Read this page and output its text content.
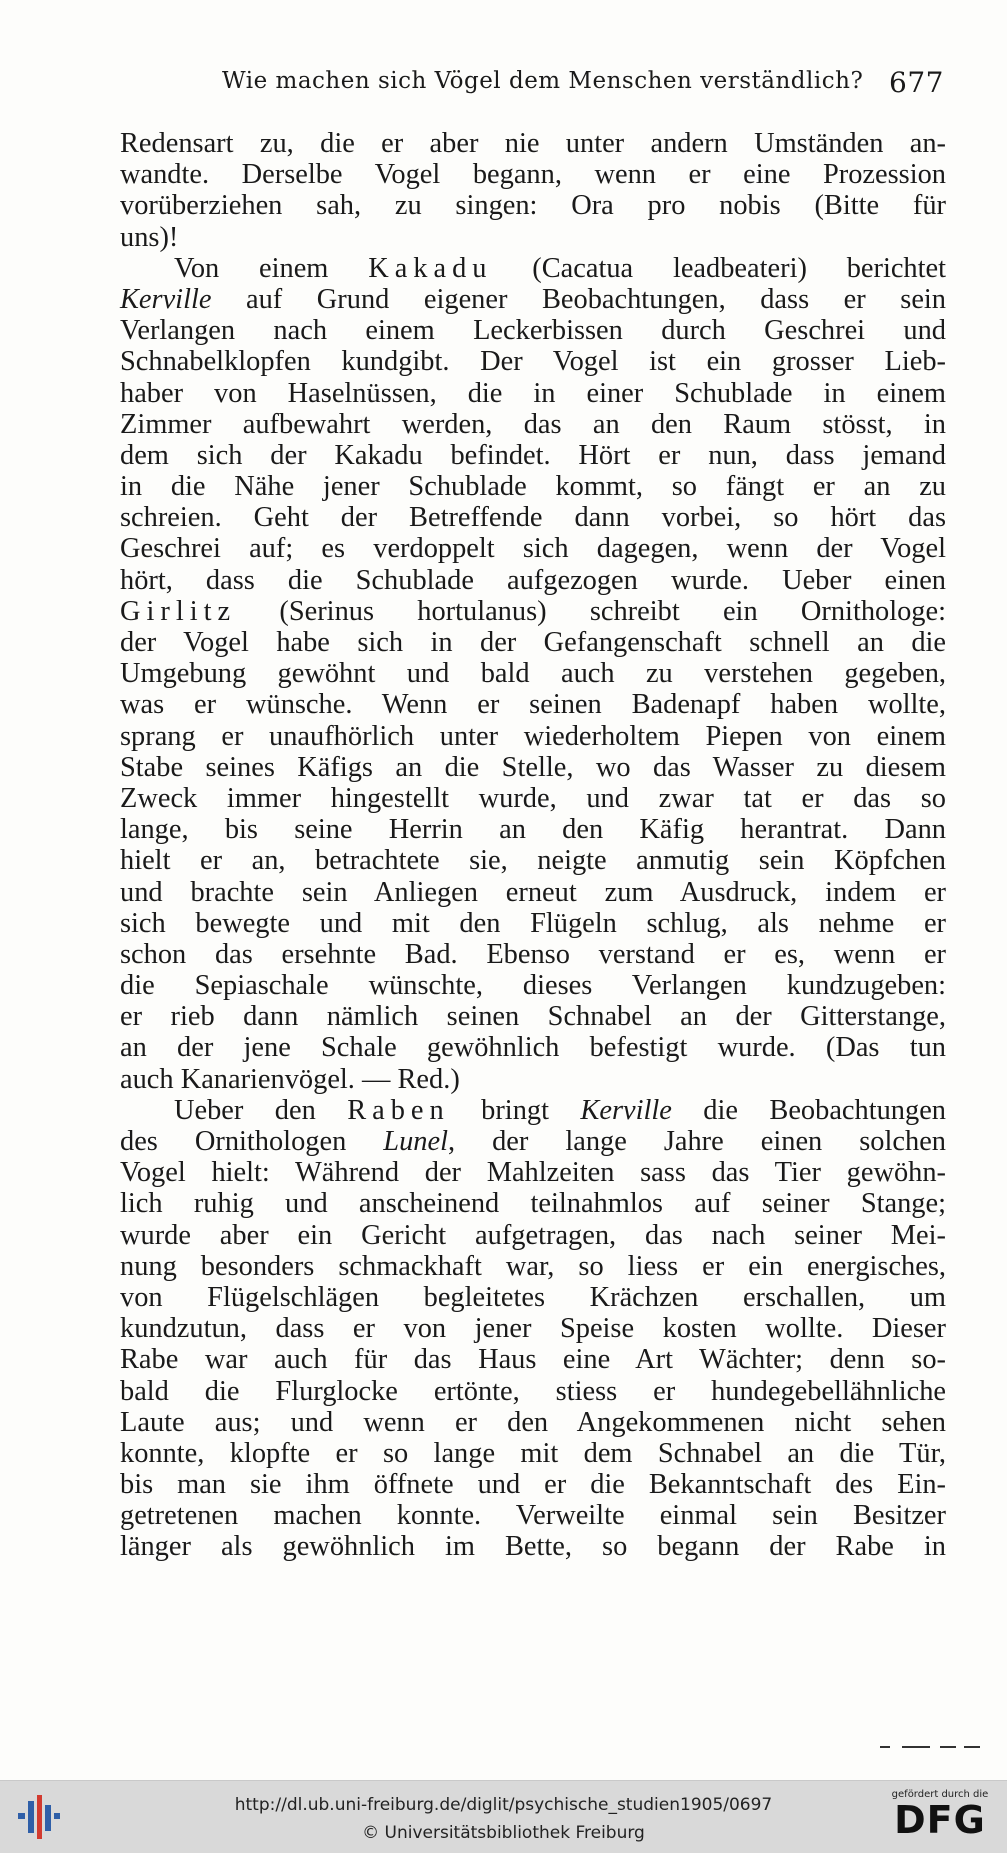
Wie machen sich Vögel dem Menschen verständlich? 677
Redensart zu, die er aber nie unter andern Umständen an-
wandte. Derselbe Vogel begann, wenn er eine Prozession
vorüberziehen sah, zu singen: Ora pro nobis (Bitte für
uns)!
Von einem Kakadu (Cacatua leadbeateri) berichtet
Kerville auf Grund eigener Beobachtungen, dass er sein
Verlangen nach einem Leckerbissen durch Geschrei und
Schnabelklopfen kundgibt. Der Vogel ist ein grosser Lieb-
haber von Haselnüssen, die in einer Schublade in einem
Zimmer aufbewahrt werden, das an den Raum stösst, in
dem sich der Kakadu befindet. Hört er nun, dass jemand
in die Nähe jener Schublade kommt, so fängt er an zu
schreien. Geht der Betreffende dann vorbei, so hört das
Geschrei auf; es verdoppelt sich dagegen, wenn der Vogel
hört, dass die Schublade aufgezogen wurde. Ueber einen
Girlitz (Serinus hortulanus) schreibt ein Ornithologe:
der Vogel habe sich in der Gefangenschaft schnell an die
Umgebung gewöhnt und bald auch zu verstehen gegeben,
was er wünsche. Wenn er seinen Badenapf haben wollte,
sprang er unaufhörlich unter wiederholtem Piepen von einem
Stabe seines Käfigs an die Stelle, wo das Wasser zu diesem
Zweck immer hingestellt wurde, und zwar tat er das so
lange, bis seine Herrin an den Käfig herantrat. Dann
hielt er an, betrachtete sie, neigte anmutig sein Köpfchen
und brachte sein Anliegen erneut zum Ausdruck, indem er
sich bewegte und mit den Flügeln schlug, als nehme er
schon das ersehnte Bad. Ebenso verstand er es, wenn er
die Sepiaschale wünschte, dieses Verlangen kundzugeben:
er rieb dann nämlich seinen Schnabel an der Gitterstange,
an der jene Schale gewöhnlich befestigt wurde. (Das tun
auch Kanarienvögel. — Red.)
Ueber den Raben bringt Kerville die Beobachtungen
des Ornithologen Lunel, der lange Jahre einen solchen
Vogel hielt: Während der Mahlzeiten sass das Tier gewöhn-
lich ruhig und anscheinend teilnahmlos auf seiner Stange;
wurde aber ein Gericht aufgetragen, das nach seiner Mei-
nung besonders schmackhaft war, so liess er ein energisches,
von Flügelschlägen begleitetes Krächzen erschallen, um
kundzutun, dass er von jener Speise kosten wollte. Dieser
Rabe war auch für das Haus eine Art Wächter; denn so-
bald die Flurglocke ertönte, stiess er hundegebellähnliche
Laute aus; und wenn er den Angekommenen nicht sehen
konnte, klopfte er so lange mit dem Schnabel an die Tür,
bis man sie ihm öffnete und er die Bekanntschaft des Ein-
getretenen machen konnte. Verweilte einmal sein Besitzer
länger als gewöhnlich im Bette, so begann der Rabe in
http://dl.ub.uni-freiburg.de/diglit/psychische_studien1905/0697
© Universitätsbibliothek Freiburg
gefördert durch die
DFG
